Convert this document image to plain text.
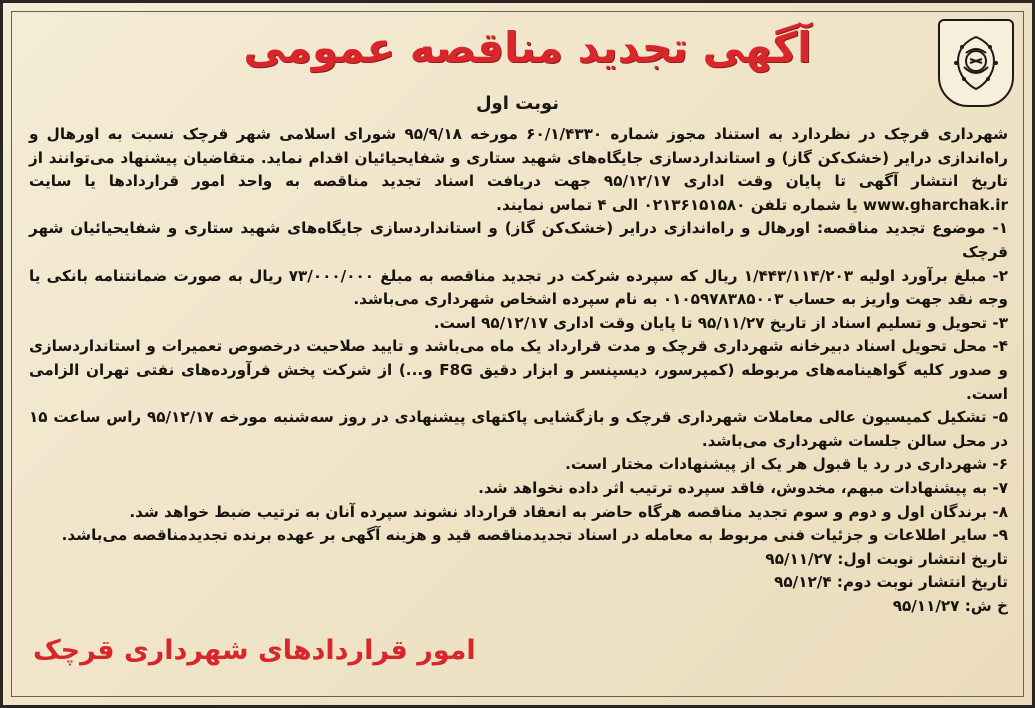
آگهی تجدید مناقصه عمومی
نوبت اول

شهرداری قرچک در نظردارد به استناد مجوز شماره ۶۰/۱/۴۳۳۰ مورخه ۹۵/۹/۱۸ شورای اسلامی شهر قرچک نسبت به اورهال و راه‌اندازی درایر (خشک‌کن گاز) و استانداردسازی جایگاه‌های شهید ستاری و شفایحیائیان اقدام نماید. متقاضیان پیشنهاد می‌توانند از تاریخ انتشار آگهی تا پایان وقت اداری ۹۵/۱۲/۱۷ جهت دریافت اسناد تجدید مناقصه به واحد امور قراردادها یا سایت www.gharchak.ir یا شماره تلفن ۰۲۱۳۶۱۵۱۵۸۰ الی ۴ تماس نمایند.

۱- موضوع تجدید مناقصه: اورهال و راه‌اندازی درایر (خشک‌کن گاز) و استانداردسازی جایگاه‌های شهید ستاری و شفایحیائیان شهر قرچک

۲- مبلغ برآورد اولیه ۱/۴۴۳/۱۱۴/۲۰۳ ریال که سپرده شرکت در تجدید مناقصه به مبلغ ۷۳/۰۰۰/۰۰۰ ریال به صورت ضمانتنامه بانکی یا وجه نقد جهت واریز به حساب ۰۱۰۵۹۷۸۳۸۵۰۰۳ به نام سپرده اشخاص شهرداری می‌باشد.

۳- تحویل و تسلیم اسناد از تاریخ ۹۵/۱۱/۲۷ تا پایان وقت اداری ۹۵/۱۲/۱۷ است.

۴- محل تحویل اسناد دبیرخانه شهرداری قرچک و مدت قرارداد یک ماه می‌باشد و تایید صلاحیت درخصوص تعمیرات و استانداردسازی و صدور کلیه گواهینامه‌های مربوطه (کمپرسور، دیسپنسر و ابزار دقیق F8G و...) از شرکت پخش فرآورده‌های نفتی تهران الزامی است.

۵- تشکیل کمیسیون عالی معاملات شهرداری قرچک و بازگشایی پاکتهای پیشنهادی در روز سه‌شنبه مورخه ۹۵/۱۲/۱۷ راس ساعت ۱۵ در محل سالن جلسات شهرداری می‌باشد.

۶- شهرداری در رد یا قبول هر یک از پیشنهادات مختار است.

۷- به پیشنهادات مبهم، مخدوش، فاقد سپرده ترتیب اثر داده نخواهد شد.

۸- برندگان اول و دوم و سوم تجدید مناقصه هرگاه حاضر به انعقاد قرارداد نشوند سپرده آنان به ترتیب ضبط خواهد شد.

۹- سایر اطلاعات و جزئیات فنی مربوط به معامله در اسناد تجدیدمناقصه قید و هزینه آگهی بر عهده برنده تجدیدمناقصه می‌باشد.

تاریخ انتشار نوبت اول: ۹۵/۱۱/۲۷

تاریخ انتشار نوبت دوم: ۹۵/۱۲/۴

خ ش: ۹۵/۱۱/۲۷

امور قراردادهای شهرداری قرچک
